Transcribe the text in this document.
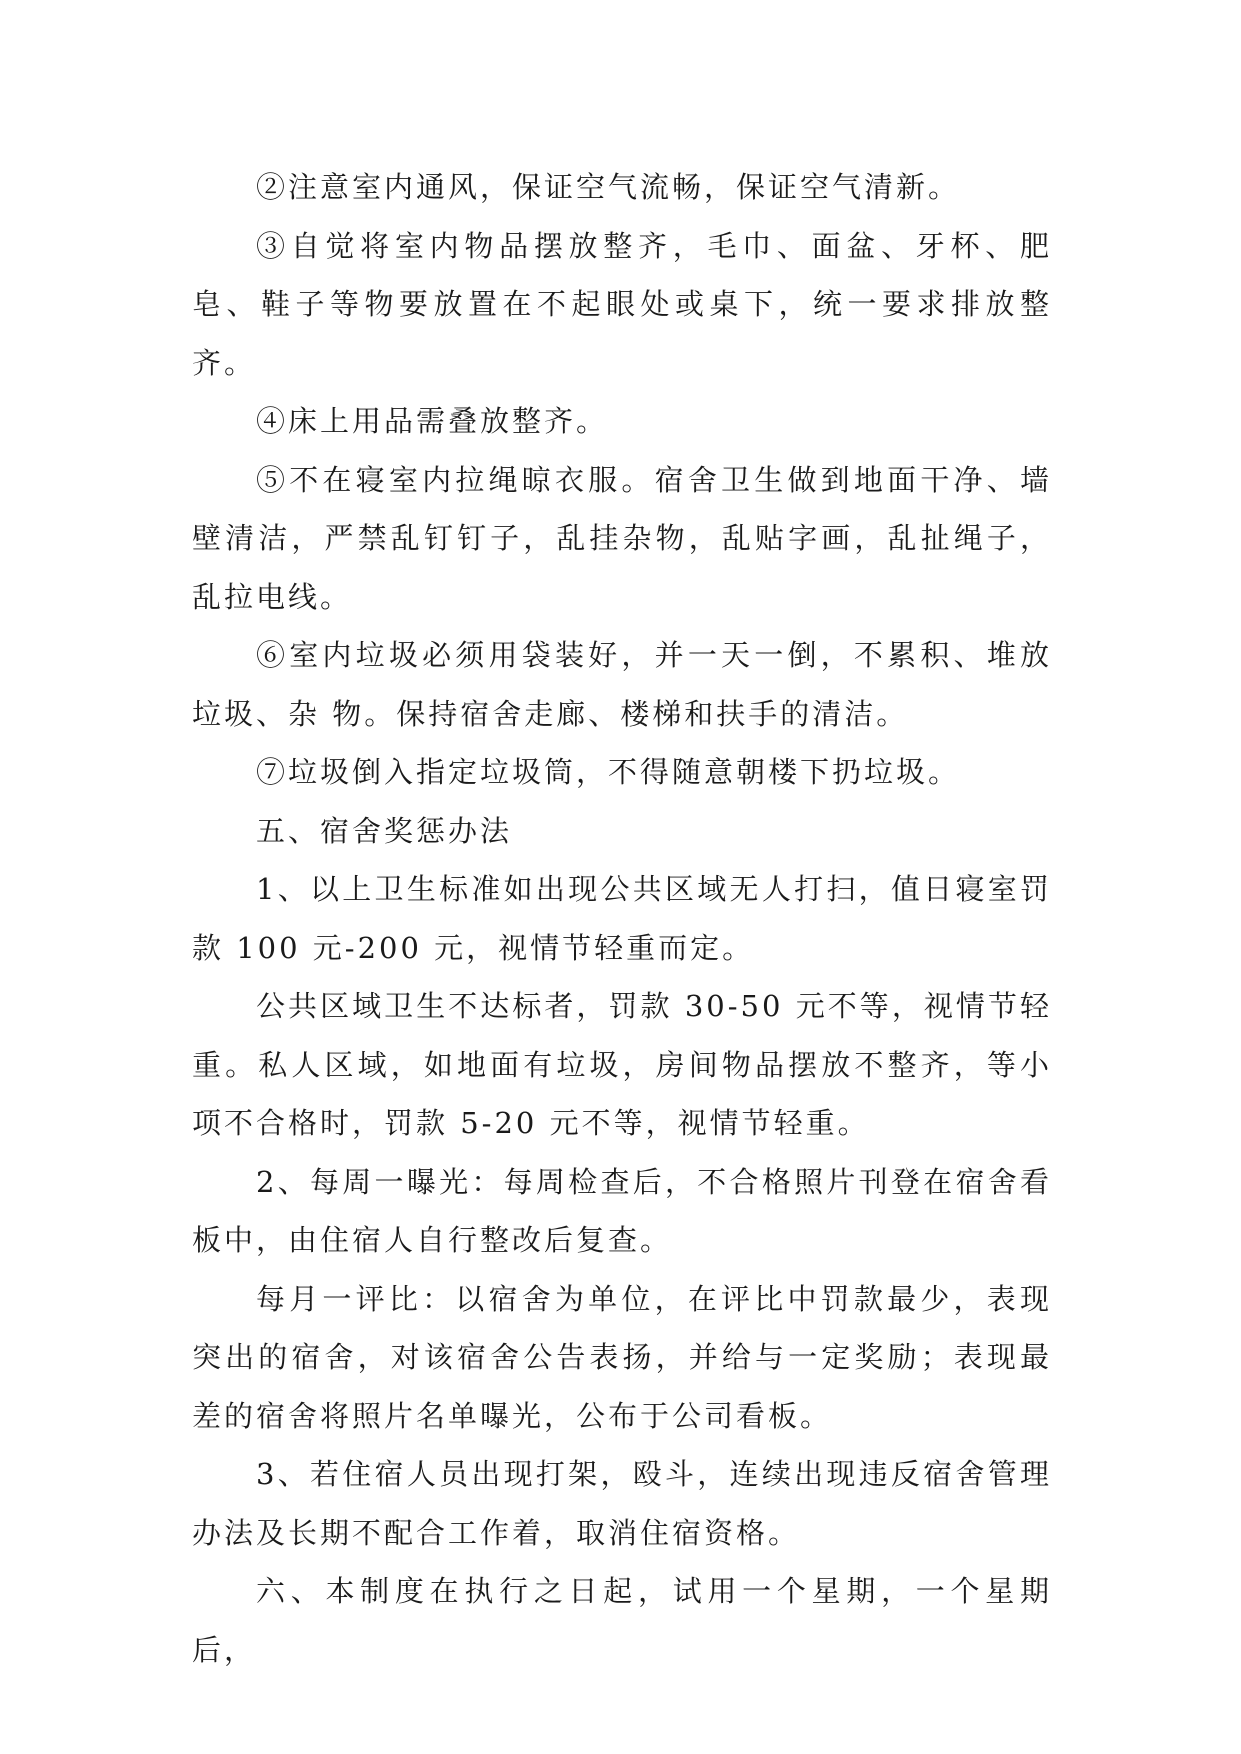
②注意室内通风，保证空气流畅，保证空气清新。

③自觉将室内物品摆放整齐，毛巾、面盆、牙杯、肥皂、鞋子等物要放置在不起眼处或桌下，统一要求排放整齐。

④床上用品需叠放整齐。

⑤不在寝室内拉绳晾衣服。宿舍卫生做到地面干净、墙壁清洁，严禁乱钉钉子，乱挂杂物，乱贴字画，乱扯绳子，乱拉电线。

⑥室内垃圾必须用袋装好，并一天一倒，不累积、堆放垃圾、杂 物。保持宿舍走廊、楼梯和扶手的清洁。

⑦垃圾倒入指定垃圾筒，不得随意朝楼下扔垃圾。

五、宿舍奖惩办法

1、以上卫生标准如出现公共区域无人打扫，值日寝室罚款 100 元-200 元，视情节轻重而定。

公共区域卫生不达标者，罚款 30-50 元不等，视情节轻重。私人区域，如地面有垃圾，房间物品摆放不整齐，等小项不合格时，罚款 5-20 元不等，视情节轻重。

2、每周一曝光：每周检查后，不合格照片刊登在宿舍看板中，由住宿人自行整改后复查。

每月一评比：以宿舍为单位，在评比中罚款最少，表现突出的宿舍，对该宿舍公告表扬，并给与一定奖励；表现最差的宿舍将照片名单曝光，公布于公司看板。

3、若住宿人员出现打架，殴斗，连续出现违反宿舍管理办法及长期不配合工作着，取消住宿资格。

六、本制度在执行之日起，试用一个星期，一个星期后，
